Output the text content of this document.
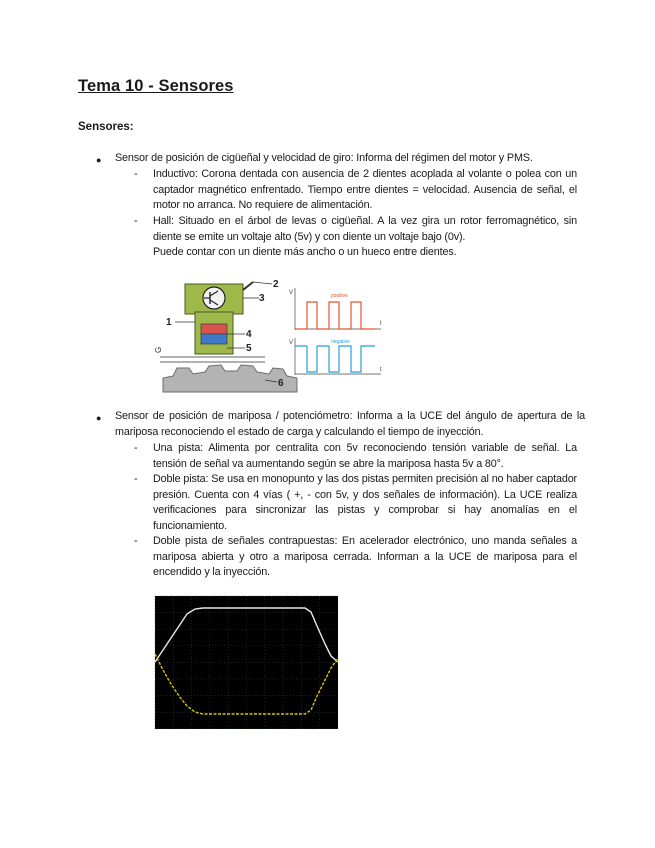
Tema 10 - Sensores
Sensores:
● Sensor de posición de cigüeñal y velocidad de giro: Informa del régimen del motor y PMS.
- Inductivo: Corona dentada con ausencia de 2 dientes acoplada al volante o polea con un captador magnético enfrentado. Tiempo entre dientes = velocidad. Ausencia de señal, el motor no arranca. No requiere de alimentación.
- Hall: Situado en el árbol de levas o cigüeñal. A la vez gira un rotor ferromagnético, sin diente se emite un voltaje alto (5v) y con diente un voltaje bajo (0v).
Puede contar con un diente más ancho o un hueco entre dientes.
G
2
3
1
4
5
6
V
t
positive
V
t
negative
● Sensor de posición de mariposa / potenciómetro: Informa a la UCE del ángulo de apertura de la mariposa reconociendo el estado de carga y calculando el tiempo de inyección.
- Una pista: Alimenta por centralita con 5v reconociendo tensión variable de señal. La tensión de señal va aumentando según se abre la mariposa hasta 5v a 80°.
- Doble pista: Se usa en monopunto y las dos pistas permiten precisión al no haber captador presión. Cuenta con 4 vías ( +, - con 5v, y dos señales de información). La UCE realiza verificaciones para sincronizar las pistas y comprobar si hay anomalías en el funcionamiento.
- Doble pista de señales contrapuestas: En acelerador electrónico, uno manda señales a mariposa abierta y otro a mariposa cerrada. Informan a la UCE de mariposa para el encendido y la inyección.
